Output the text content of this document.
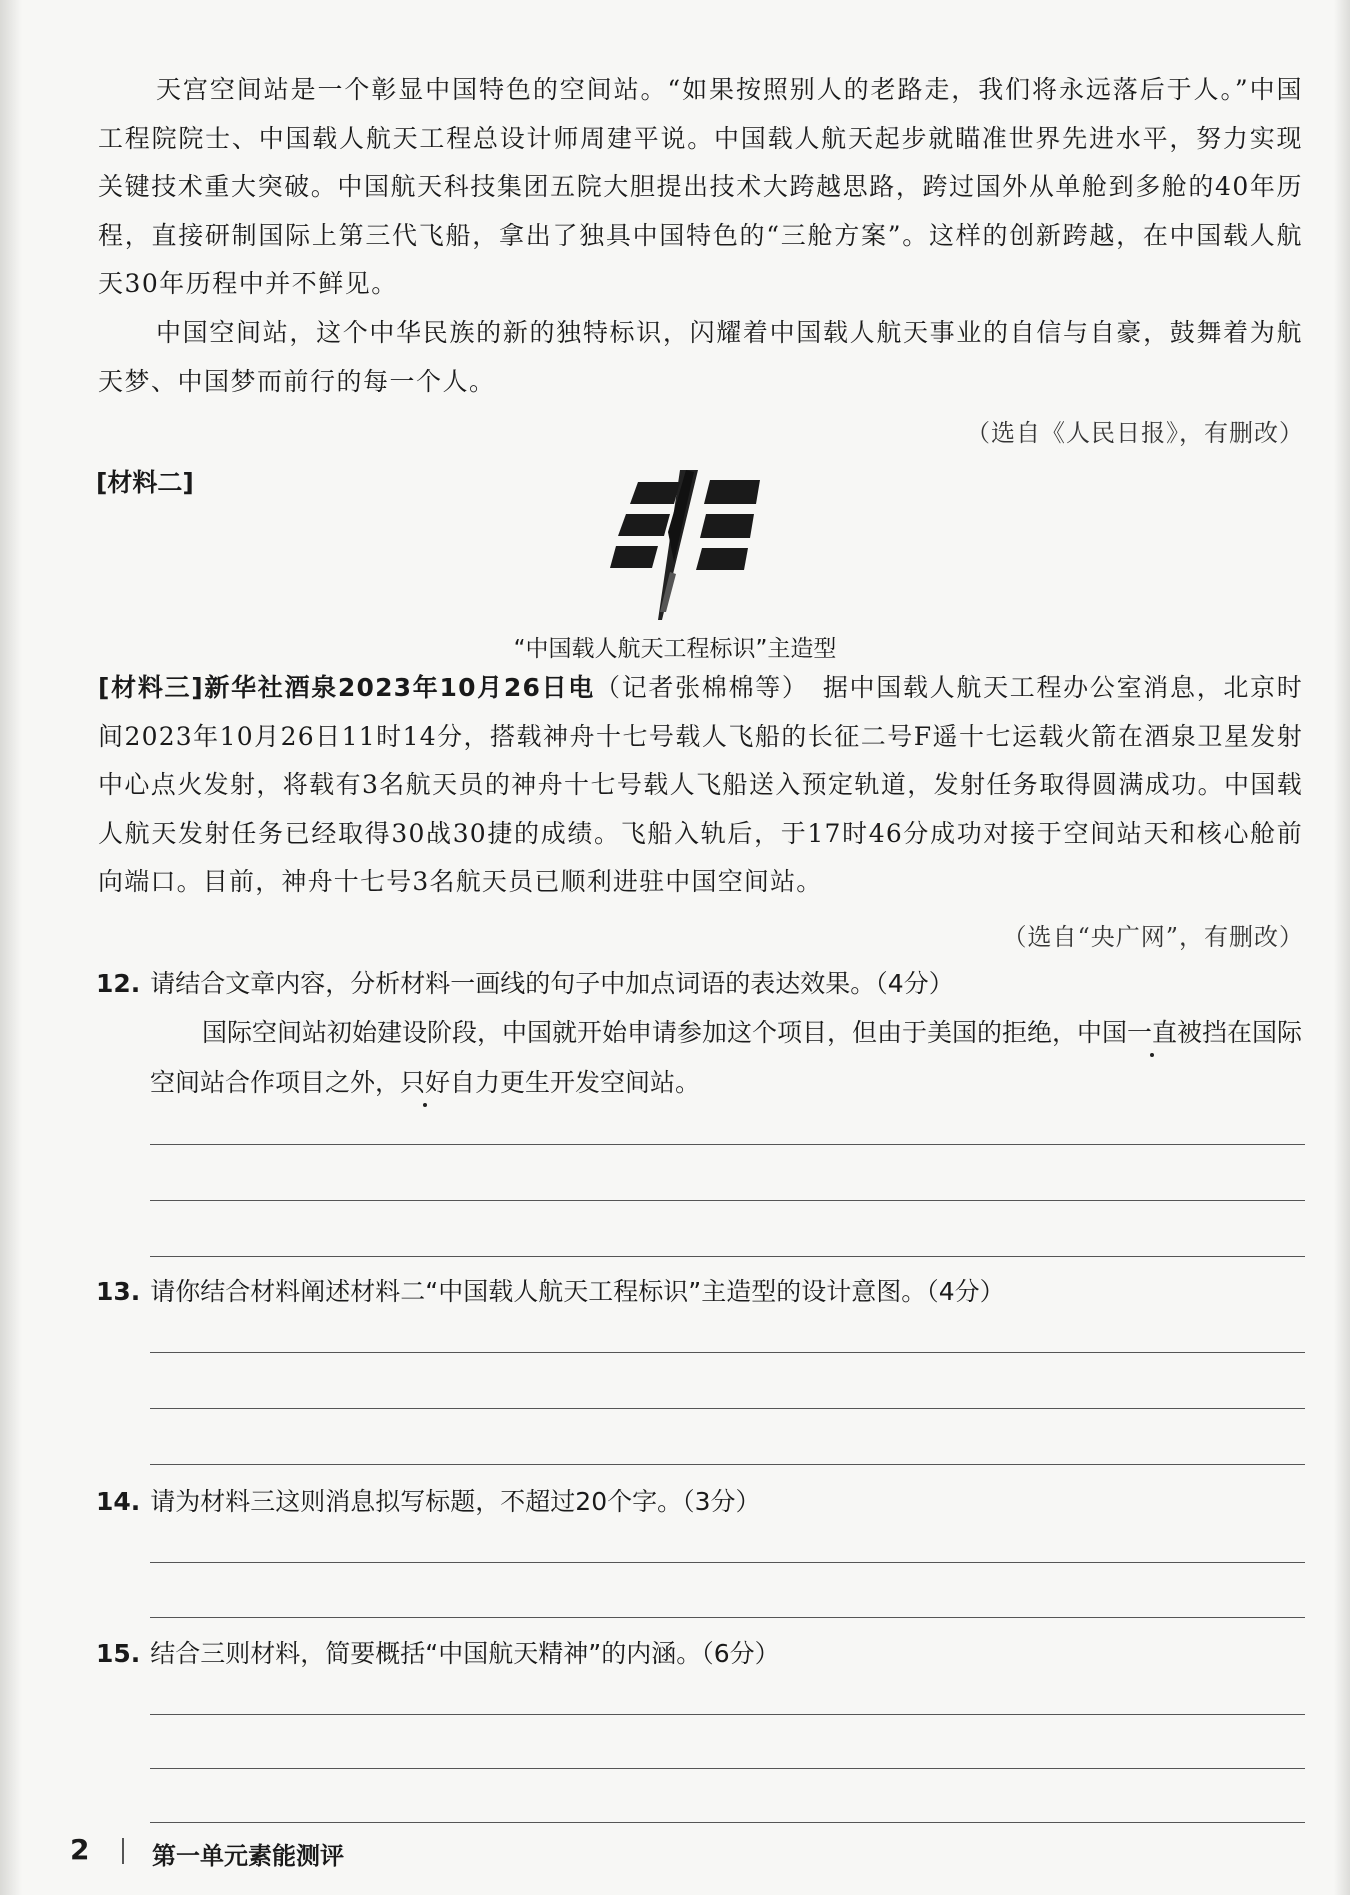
天宫空间站是一个彰显中国特色的空间站。“如果按照别人的老路走，我们将永远落后于人。”中国工程院院士、中国载人航天工程总设计师周建平说。中国载人航天起步就瞄准世界先进水平，努力实现关键技术重大突破。中国航天科技集团五院大胆提出技术大跨越思路，跨过国外从单舱到多舱的40年历程，直接研制国际上第三代飞船，拿出了独具中国特色的“三舱方案”。这样的创新跨越，在中国载人航天30年历程中并不鲜见。

中国空间站，这个中华民族的新的独特标识，闪耀着中国载人航天事业的自信与自豪，鼓舞着为航天梦、中国梦而前行的每一个人。

（选自《人民日报》，有删改）
[材料二]
“中国载人航天工程标识”主造型

[材料三]新华社酒泉2023年10月26日电（记者张棉棉等）　 据中国载人航天工程办公室消息，北京时间2023年10月26日11时14分，搭载神舟十七号载人飞船的长征二号F遥十七运载火箭在酒泉卫星发射中心点火发射，将载有3名航天员的神舟十七号载人飞船送入预定轨道，发射任务取得圆满成功。中国载人航天发射任务已经取得30战30捷的成绩。飞船入轨后，于17时46分成功对接于空间站天和核心舱前向端口。目前，神舟十七号3名航天员已顺利进驻中国空间站。

（选自“央广网”，有删改）
12. 请结合文章内容，分析材料一画线的句子中加点词语的表达效果。（4分）
国际空间站初始建设阶段，中国就开始申请参加这个项目，但由于美国的拒绝，中国一直被挡在国际空间站合作项目之外，只好自力更生开发空间站。
13. 请你结合材料阐述材料二“中国载人航天工程标识”主造型的设计意图。（4分）
14. 请为材料三这则消息拟写标题，不超过20个字。（3分）
15. 结合三则材料，简要概括“中国航天精神”的内涵。（6分）
2	第一单元素能测评
